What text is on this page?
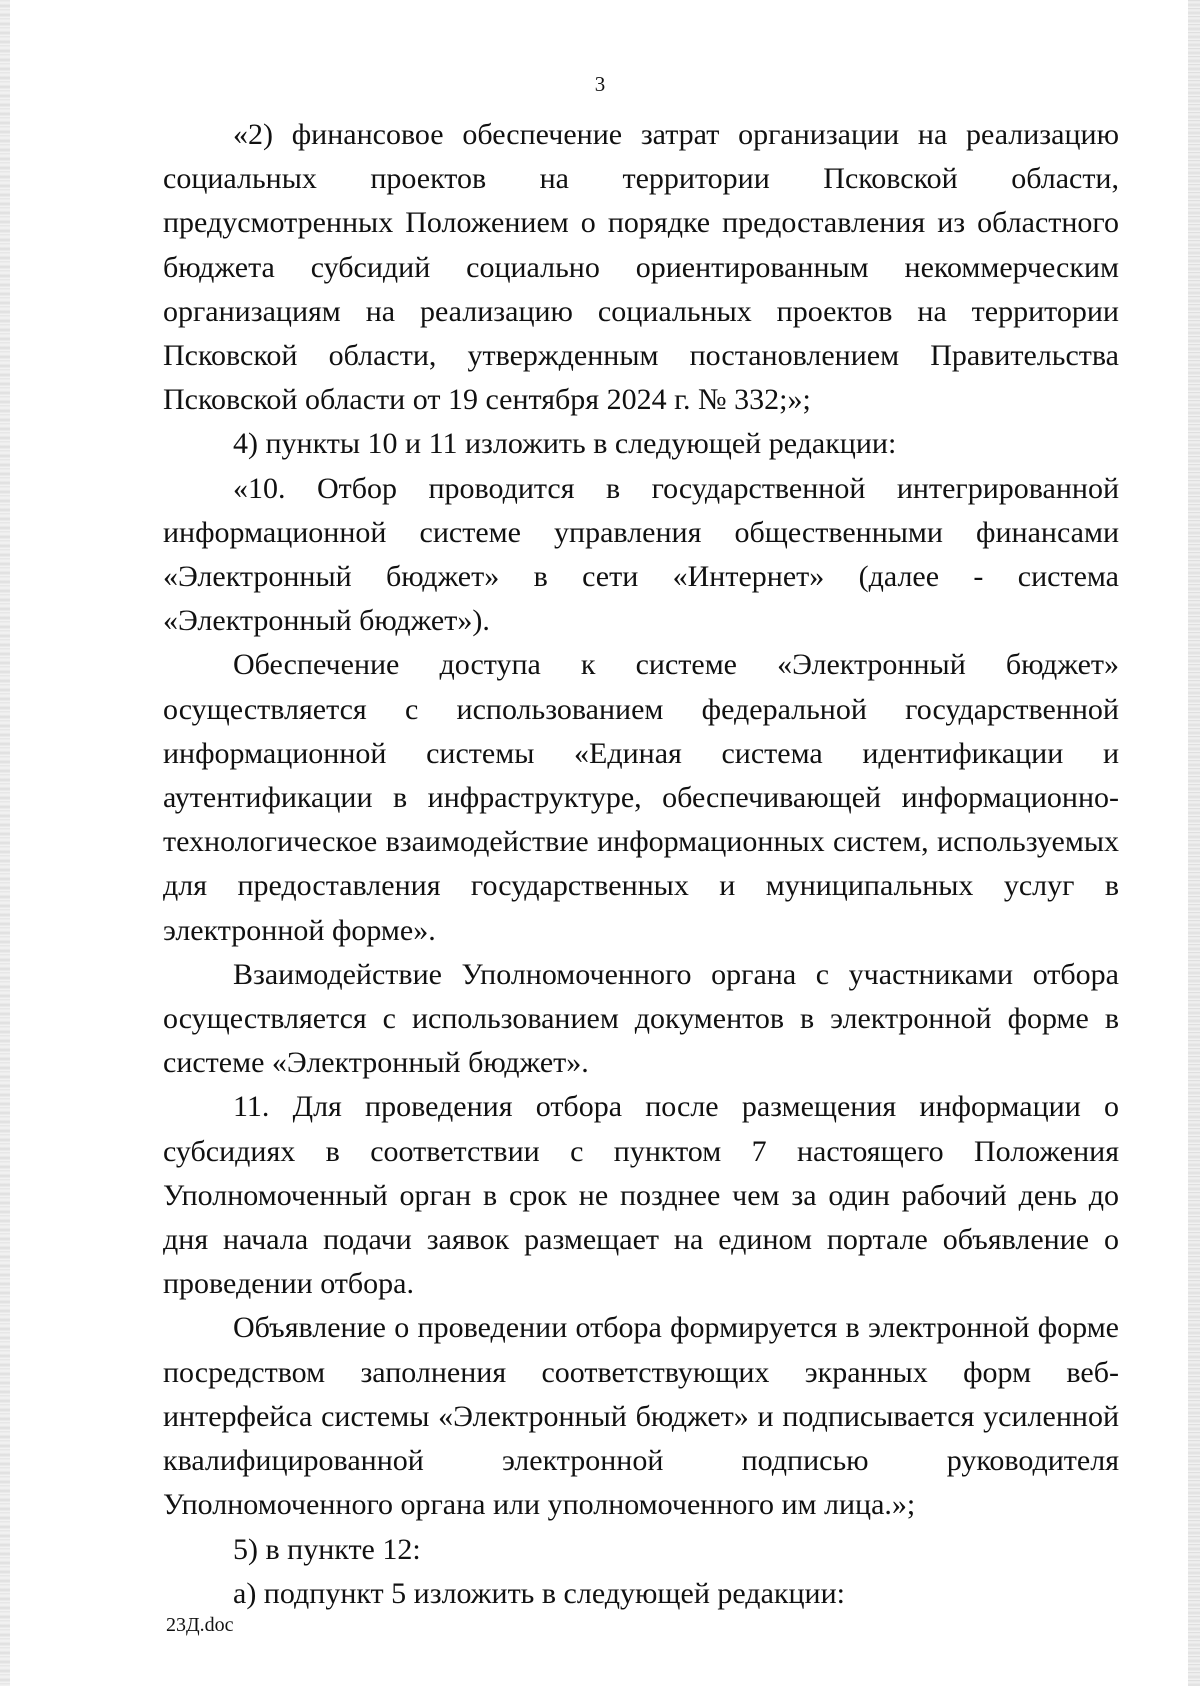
3

«2) финансовое обеспечение затрат организации на реализацию социальных проектов на территории Псковской области, предусмотренных Положением о порядке предоставления из областного бюджета субсидий социально ориентированным некоммерческим организациям на реализацию социальных проектов на территории Псковской области, утвержденным постановлением Правительства Псковской области от 19 сентября 2024 г. № 332;»;

4) пункты 10 и 11 изложить в следующей редакции:

«10. Отбор проводится в государственной интегрированной информационной системе управления общественными финансами «Электронный бюджет» в сети «Интернет» (далее - система «Электронный бюджет»).

Обеспечение доступа к системе «Электронный бюджет» осуществляется с использованием федеральной государственной информационной системы «Единая система идентификации и аутентификации в инфраструктуре, обеспечивающей информационно-технологическое взаимодействие информационных систем, используемых для предоставления государственных и муниципальных услуг в электронной форме».

Взаимодействие Уполномоченного органа с участниками отбора осуществляется с использованием документов в электронной форме в системе «Электронный бюджет».

11. Для проведения отбора после размещения информации о субсидиях в соответствии с пунктом 7 настоящего Положения Уполномоченный орган в срок не позднее чем за один рабочий день до дня начала подачи заявок размещает на едином портале объявление о проведении отбора.

Объявление о проведении отбора формируется в электронной форме посредством заполнения соответствующих экранных форм веб-интерфейса системы «Электронный бюджет» и подписывается усиленной квалифицированной электронной подписью руководителя Уполномоченного органа или уполномоченного им лица.»;

5) в пункте 12:

а) подпункт 5 изложить в следующей редакции:

23Д.doc
